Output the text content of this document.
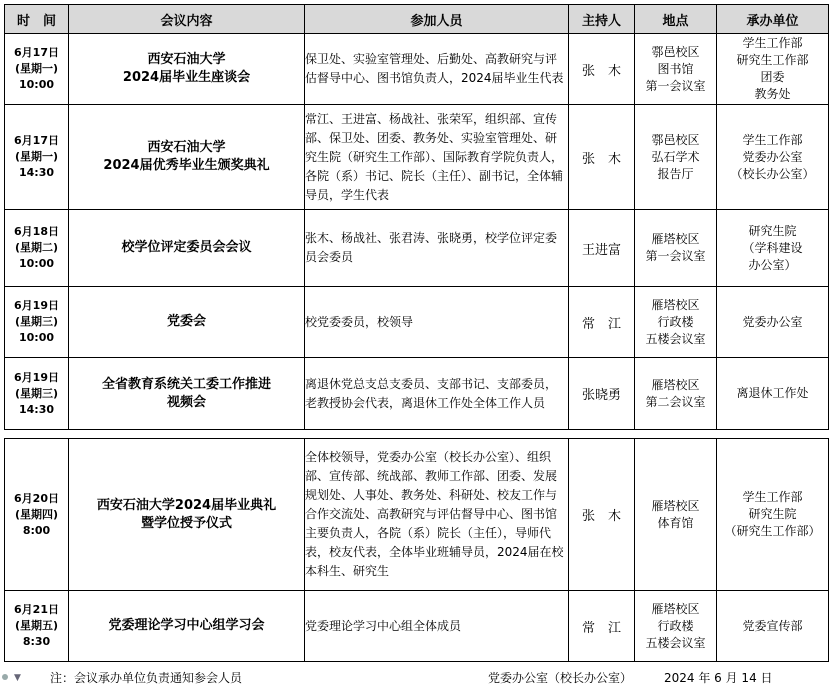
时　间	会议内容	参加人员	主持人	地点	承办单位

6月17日
(星期一)
10:00	西安石油大学
2024届毕业生座谈会	保卫处、实验室管理处、后勤处、高教研究与评估督导中心、图书馆负责人，2024届毕业生代表	张　木	鄠邑校区
图书馆
第一会议室	学生工作部
研究生工作部
团委
教务处

6月17日
(星期一)
14:30	西安石油大学
2024届优秀毕业生颁奖典礼	常江、王进富、杨战社、张荣军，组织部、宣传部、保卫处、团委、教务处、实验室管理处、研究生院（研究生工作部）、国际教育学院负责人，各院（系）书记、院长（主任）、副书记，全体辅导员，学生代表	张　木	鄠邑校区
弘石学术
报告厅	学生工作部
党委办公室
（校长办公室）

6月18日
(星期二)
10:00	校学位评定委员会会议	张木、杨战社、张君涛、张晓勇，校学位评定委员会委员	王进富	雁塔校区
第一会议室	研究生院
（学科建设
办公室）

6月19日
(星期三)
10:00	党委会	校党委委员，校领导	常　江	雁塔校区
行政楼
五楼会议室	党委办公室

6月19日
(星期三)
14:30	全省教育系统关工委工作推进
视频会	离退休党总支总支委员、支部书记、支部委员，老教授协会代表，离退休工作处全体工作人员	张晓勇	雁塔校区
第二会议室	离退休工作处
6月20日
(星期四)
8:00	西安石油大学2024届毕业典礼
暨学位授予仪式	全体校领导，党委办公室（校长办公室）、组织部、宣传部、统战部、教师工作部、团委、发展规划处、人事处、教务处、科研处、校友工作与合作交流处、高教研究与评估督导中心、图书馆主要负责人，各院（系）院长（主任），导师代表，校友代表，全体毕业班辅导员，2024届在校本科生、研究生	张　木	雁塔校区
体育馆	学生工作部
研究生院
（研究生工作部）

6月21日
(星期五)
8:30	党委理论学习中心组学习会	党委理论学习中心组全体成员	常　江	雁塔校区
行政楼
五楼会议室	党委宣传部
▼ 注：会议承办单位负责通知参会人员	党委办公室（校长办公室）	2024 年 6 月 14 日
